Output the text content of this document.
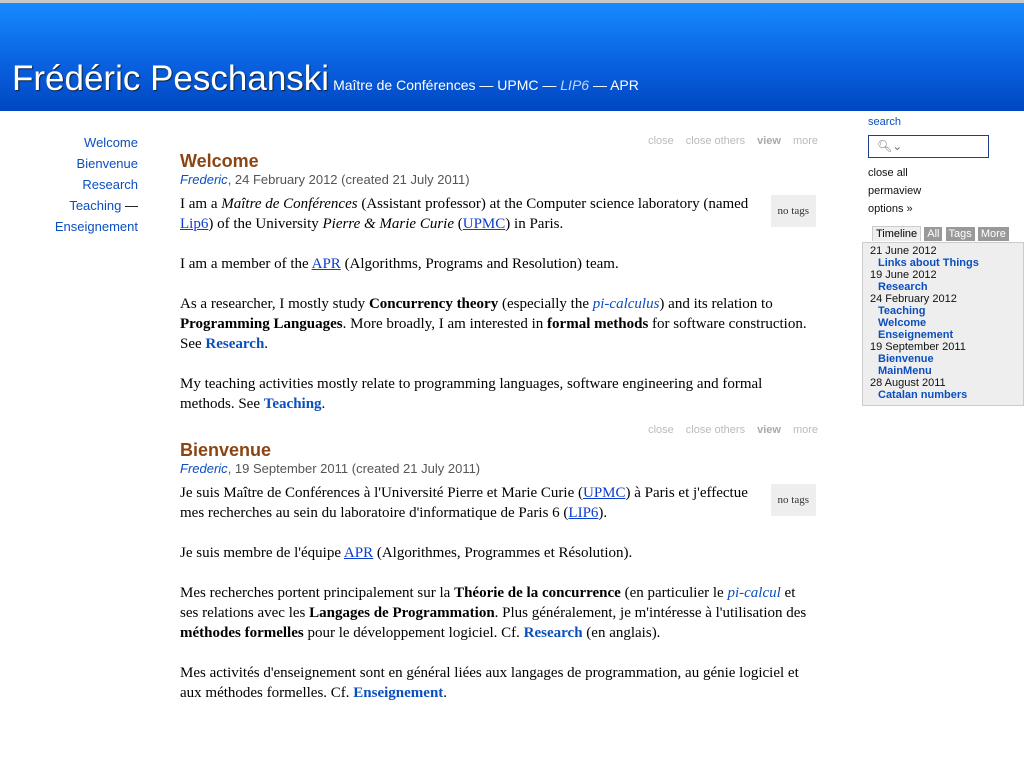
Frédéric Peschanski Maître de Conférences — UPMC — LIP6 — APR
Welcome
Bienvenue
Research
Teaching —
Enseignement
close close others view more
Welcome
Frederic, 24 February 2012 (created 21 July 2011)
no tags

I am a Maître de Conférences (Assistant professor) at the Computer science laboratory (named Lip6) of the University Pierre & Marie Curie (UPMC) in Paris.

I am a member of the APR (Algorithms, Programs and Resolution) team.

As a researcher, I mostly study Concurrency theory (especially the pi-calculus) and its relation to Programming Languages. More broadly, I am interested in formal methods for software construction. See Research.

My teaching activities mostly relate to programming languages, software engineering and formal methods. See Teaching.

close close others view more
Bienvenue
Frederic, 19 September 2011 (created 21 July 2011)
no tags

Je suis Maître de Conférences à l'Université Pierre et Marie Curie (UPMC) à Paris et j'effectue mes recherches au sein du laboratoire d'informatique de Paris 6 (LIP6).

Je suis membre de l'équipe APR (Algorithmes, Programmes et Résolution).

Mes recherches portent principalement sur la Théorie de la concurrence (en particulier le pi-calcul et ses relations avec les Langages de Programmation. Plus généralement, je m'intéresse à l'utilisation des méthodes formelles pour le développement logiciel. Cf. Research (en anglais).

Mes activités d'enseignement sont en général liées aux langages de programmation, au génie logiciel et aux méthodes formelles. Cf. Enseignement.

search
🔍︎⌄
close all
permaview
options »
Timeline All Tags More
21 June 2012
Links about Things
19 June 2012
Research
24 February 2012
Teaching
Welcome
Enseignement
19 September 2011
Bienvenue
MainMenu
28 August 2011
Catalan numbers
